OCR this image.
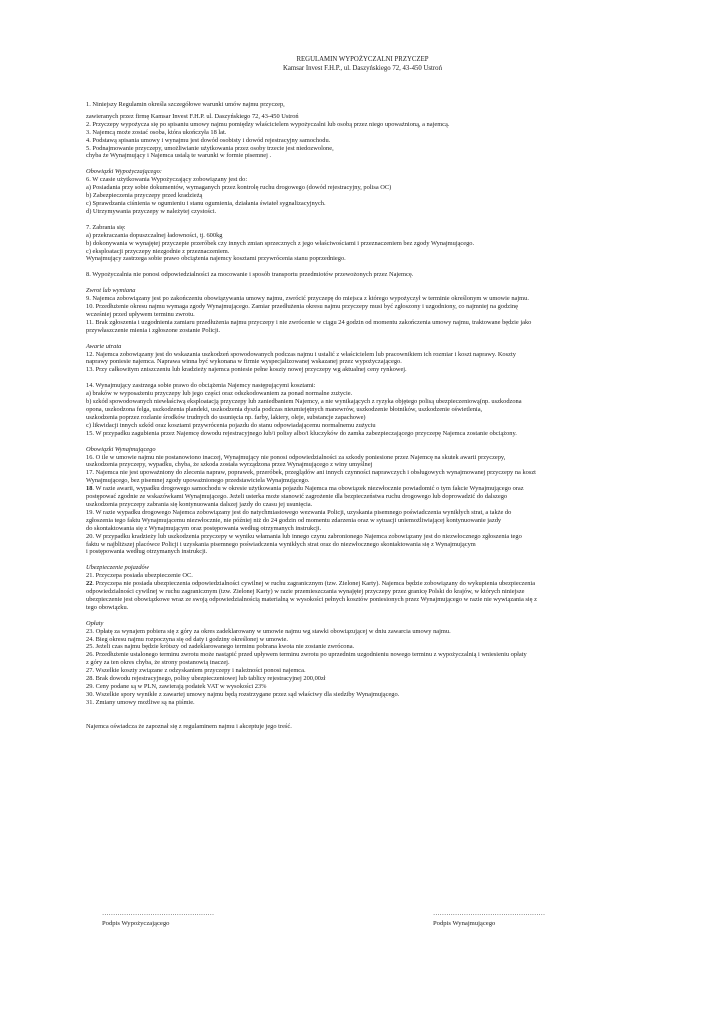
REGULAMIN WYPOŻYCZALNI PRZYCZEP
Kamsar Invest F.H.P., ul. Daszyńskiego 72, 43-450 Ustroń

1. Niniejszy Regulamin określa szczegółowe warunki umów najmu przyczep,

zawieranych przez firmę Kamsar Invest F.H.P. ul. Daszyńskiego 72, 43-450 Ustroń

2. Przyczepy wypożycza się po spisaniu umowy najmu pomiędzy właścicielem wypożyczalni lub osobą przez niego upoważnioną, a najemcą.

3. Najemcą może zostać osoba, która ukończyła 18 lat.

4. Podstawą spisania umowy i wynajmu jest dowód osobisty i dowód rejestracyjny samochodu.

5. Podnajmowanie przyczepy, umożliwianie użytkowania przez osoby trzecie jest niedozwolone,

chyba że Wynajmujący i Najemca ustalą te warunki w formie pisemnej .

Obowiązki Wypożyczającego:

6. W czasie użytkowania Wypożyczający zobowiązany jest do:

a) Posiadania przy sobie dokumentów, wymaganych przez kontrolę ruchu drogowego (dowód rejestracyjny, polisa OC)

b) Zabezpieczenia przyczepy przed kradzieżą

c) Sprawdzania ciśnienia w ogumieniu i stanu ogumienia, działania świateł sygnalizacyjnych.

d) Utrzymywania przyczepy w należytej czystości.

7. Zabrania się:

a) przekraczania dopuszczalnej ładowności, tj. 600kg

b) dokonywania w wynajętej przyczepie przeróbek czy innych zmian sprzecznych z jego właściwościami i przeznaczeniem bez zgody Wynajmującego.

c) eksploatacji przyczepy niezgodnie z przeznaczeniem.

Wynajmujący zastrzega sobie prawo obciążenia najemcy kosztami przywrócenia stanu poprzedniego.

8. Wypożyczalnia nie ponosi odpowiedzialności za mocowanie i sposób transportu przedmiotów przewożonych przez Najemcę.

Zwrot lub wymiana

9. Najemca zobowiązany jest po zakończeniu obowiązywania umowy najmu, zwrócić przyczepę do miejsca z którego wypożyczył w terminie określonym w umowie najmu.

10. Przedłużenie okresu najmu wymaga zgody Wynajmującego. Zamiar przedłużenia okresu najmu przyczepy musi być zgłoszony i uzgodniony, co najmniej na godzinę

wcześniej przed upływem terminu zwrotu.

11. Brak zgłoszenia i uzgodnienia zamiaru przedłużenia najmu przyczepy i nie zwrócenie w ciągu 24 godzin od momentu zakończenia umowy najmu, traktowane będzie jako

przywłaszczenie mienia i zgłoszone zostanie Policji.

Awarie utrata

12. Najemca zobowiązany jest do wskazania uszkodzeń spowodowanych podczas najmu i ustalić z właścicielem lub pracownikiem ich rozmiar i koszt naprawy. Koszty

naprawy poniesie najemca. Naprawa winna być wykonana w firmie wyspecjalizowanej wskazanej przez wypożyczającego.

13. Przy całkowitym zniszczeniu lub kradzieży najemca poniesie pełne koszty nowej przyczepy wg aktualnej ceny rynkowej.

14. Wynajmujący zastrzega sobie prawo do obciążenia Najemcy następującymi kosztami:

a) braków w wyposażeniu przyczepy lub jego części oraz odszkodowaniem za ponad normalne zużycie.

b) szkód spowodowanych niewłaściwą eksploatacją przyczepy lub zaniedbaniem Najemcy, a nie wynikających z ryzyka objętego polisą ubezpieczeniową(np. uszkodzona

opona, uszkodzona felga, uszkodzenia plandeki, uszkodzenia dyszla podczas nieumiejętnych manewrów, uszkodzenie błotników, uszkodzenie oświetlenia,

uszkodzenia poprzez rozlanie środków trudnych do usunięcia np. farby, lakiery, oleje, substancje zapachowe)

c) likwidacji innych szkód oraz kosztami przywrócenia pojazdu do stanu odpowiadającemu normalnemu zużyciu

15. W przypadku zagubienia przez Najemcę dowodu rejestracyjnego lub/i polisy albo/i kluczyków do zamka zabezpieczającego przyczepę Najemca zostanie obciążony.

Obowiązki Wynajmującego

16. O ile w umowie najmu nie postanowiono inaczej, Wynajmujący nie ponosi odpowiedzialności za szkody poniesione przez Najemcę na skutek awarii przyczepy,

uszkodzenia przyczepy, wypadku, chyba, że szkoda została wyrządzona przez Wynajmującego z winy umyślnej

17. Najemca nie jest upoważniony do zlecenia napraw, poprawek, przeróbek, przeglądów ani innych czynności naprawczych i obsługowych wynajmowanej przyczepy na koszt

Wynajmującego, bez pisemnej zgody upoważnionego przedstawiciela Wynajmującego.

18. W razie awarii, wypadku drogowego samochodu w okresie użytkowania pojazdu Najemca ma obowiązek niezwłocznie powiadomić o tym fakcie Wynajmującego oraz

postępować zgodnie ze wskazówkami Wynajmującego. Jeżeli usterka może stanowić zagrożenie dla bezpieczeństwa ruchu drogowego lub doprowadzić do dalszego

uszkodzenia przyczepy zabrania się kontynuowania dalszej jazdy do czasu jej usunięcia.

19. W razie wypadku drogowego Najemca zobowiązany jest do natychmiastowego wezwania Policji, uzyskania pisemnego poświadczenia wynikłych strat, a także do

zgłoszenia tego faktu Wynajmującemu niezwłocznie, nie później niż do 24 godzin od momentu zdarzenia oraz w sytuacji uniemożliwiającej kontynuowanie jazdy

do skontaktowania się z Wynajmującym oraz postępowania według otrzymanych instrukcji.

20. W przypadku kradzieży lub uszkodzenia przyczepy w wyniku włamania lub innego czynu zabronionego Najemca zobowiązany jest do niezwłocznego zgłoszenia tego

faktu w najbliższej placówce Policji i uzyskania pisemnego poświadczenia wynikłych strat oraz do niezwłocznego skontaktowania się z Wynajmującym

i postępowania według otrzymanych instrukcji.

Ubezpieczenie pojazdów

21. Przyczepa posiada ubezpieczenie OC.

22. Przyczepa nie posiada ubezpieczenia odpowiedzialności cywilnej w ruchu zagranicznym (tzw. Zielonej Karty). Najemca będzie zobowiązany do wykupienia ubezpieczenia

odpowiedzialności cywilnej w ruchu zagranicznym (tzw. Zielonej Karty) w razie przemieszczania wynajętej przyczepy przez granicę Polski do krajów, w których niniejsze

ubezpieczenie jest obowiązkowe wraz ze swoją odpowiedzialnością materialną w wysokości pełnych kosztów poniesionych przez Wynajmującego w razie nie wywiązania się z

tego obowiązku.

Opłaty

23. Opłatę za wynajem pobiera się z góry za okres zadeklarowany w umowie najmu wg stawki obowiązującej w dniu zawarcia umowy najmu.

24. Bieg okresu najmu rozpoczyna się od daty i godziny określonej w umowie.

25. Jeżeli czas najmu będzie krótszy od zadeklarowanego terminu pobrana kwota nie zostanie zwrócona.

26. Przedłużenie ustalonego terminu zwrotu może nastąpić przed upływem terminu zwrotu po uprzednim uzgodnieniu nowego terminu z wypożyczalnią i wniesieniu opłaty

z góry za ten okres chyba, że strony postanowią inaczej.

27. Wszelkie koszty związane z odzyskaniem przyczepy i należności ponosi najemca.

28. Brak dowodu rejestracyjnego, polisy ubezpieczeniowej lub tablicy rejestracyjnej 200,00zł

29. Ceny podane są w PLN, zawierają podatek VAT w wysokości 23%

30. Wszelkie spory wynikłe z zawartej umowy najmu będą rozstrzygane przez sąd właściwy dla siedziby Wynajmującego.

31. Zmiany umowy możliwe są na piśmie.

Najemca oświadcza że zapoznał się z regulaminem najmu i akceptuje jego treść.

……………………………………………
Podpis Wypożyczającego
……………………………………………
Podpis Wynajmującego
